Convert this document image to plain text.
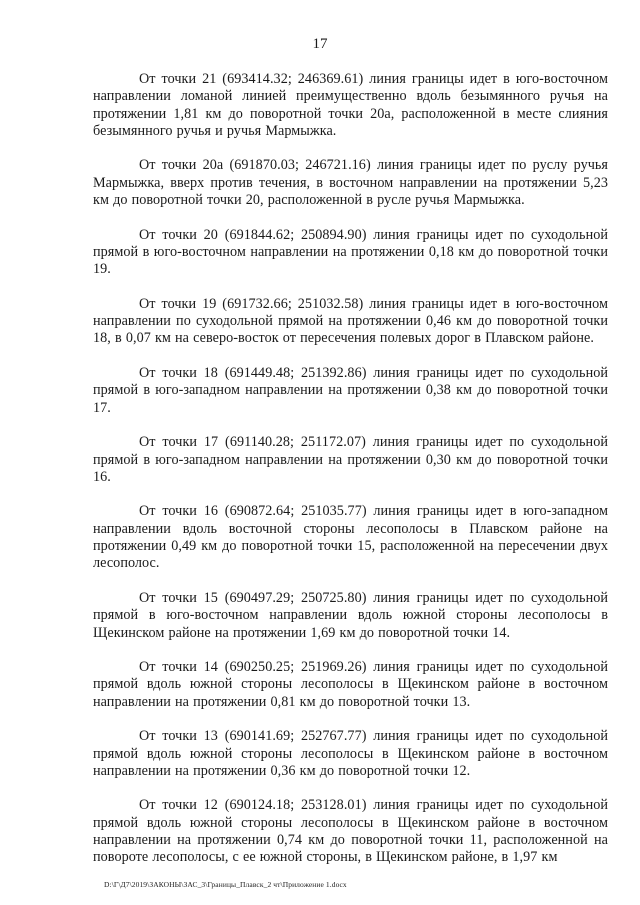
17

От точки 21 (693414.32; 246369.61) линия границы идет в юго-восточном направлении ломаной линией преимущественно вдоль безымянного ручья на протяжении 1,81 км до поворотной точки 20а, расположенной в месте слияния безымянного ручья и ручья Мармыжка.

От точки 20а (691870.03; 246721.16) линия границы идет по руслу ручья Мармыжка, вверх против течения, в восточном направлении на протяжении 5,23 км до поворотной точки 20, расположенной в русле ручья Мармыжка.

От точки 20 (691844.62; 250894.90) линия границы идет по суходольной прямой в юго-восточном направлении на протяжении 0,18 км до поворотной точки 19.

От точки 19 (691732.66; 251032.58) линия границы идет в юго-восточном направлении по суходольной прямой на протяжении 0,46 км до поворотной точки 18, в 0,07 км на северо-восток от пересечения полевых дорог в Плавском районе.

От точки 18 (691449.48; 251392.86) линия границы идет по суходольной прямой в юго-западном направлении на протяжении 0,38 км до поворотной точки 17.

От точки 17 (691140.28; 251172.07) линия границы идет по суходольной прямой в юго-западном направлении на протяжении 0,30 км до поворотной точки 16.

От точки 16 (690872.64; 251035.77) линия границы идет в юго-западном направлении вдоль восточной стороны лесополосы в Плавском районе на протяжении 0,49 км до поворотной точки 15, расположенной на пересечении двух лесополос.

От точки 15 (690497.29; 250725.80) линия границы идет по суходольной прямой в юго-восточном направлении вдоль южной стороны лесополосы в Щекинском районе на протяжении 1,69 км до поворотной точки 14.

От точки 14 (690250.25; 251969.26) линия границы идет по суходольной прямой вдоль южной стороны лесополосы в Щекинском районе в восточном направлении на протяжении 0,81 км до поворотной точки 13.

От точки 13 (690141.69; 252767.77) линия границы идет по суходольной прямой вдоль южной стороны лесополосы в Щекинском районе в восточном направлении на протяжении 0,36 км до поворотной точки 12.

От точки 12 (690124.18; 253128.01) линия границы идет по суходольной прямой вдоль южной стороны лесополосы в Щекинском районе в восточном направлении на протяжении 0,74 км до поворотной точки 11, расположенной на повороте лесополосы, с ее южной стороны, в Щекинском районе, в 1,97 км

D:\Г\Д7\2019\ЗАКОНЫ\ЗАС_3\Границы_Плавск_2 чт\Приложение 1.docx
